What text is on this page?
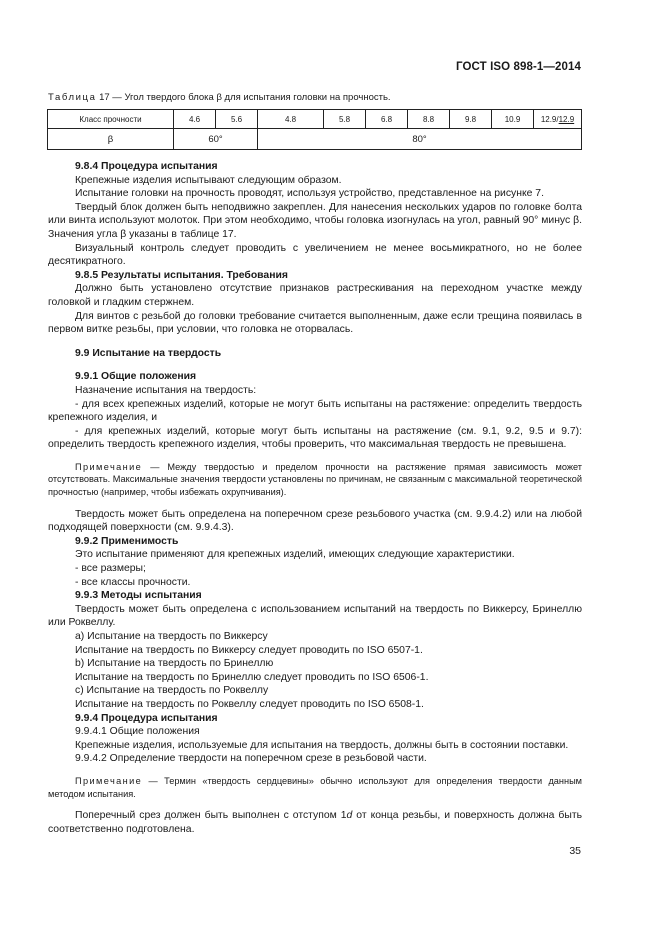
ГОСТ ISO 898-1—2014
Таблица 17 — Угол твердого блока β для испытания головки на прочность.
Класс прочности	4.6	5.6	4.8	5.8	6.8	8.8	9.8	10.9	12.9/12.9
β	60°		80°						

9.8.4 Процедура испытания

Крепежные изделия испытывают следующим образом.

Испытание головки на прочность проводят, используя устройство, представленное на рисунке 7.

Твердый блок должен быть неподвижно закреплен. Для нанесения нескольких ударов по головке болта или винта используют молоток. При этом необходимо, чтобы головка изогнулась на угол, равный 90° минус β. Значения угла β указаны в таблице 17.

Визуальный контроль следует проводить с увеличением не менее восьмикратного, но не более десятикратного.

9.8.5 Результаты испытания. Требования

Должно быть установлено отсутствие признаков растрескивания на переходном участке между головкой и гладким стержнем.

Для винтов с резьбой до головки требование считается выполненным, даже если трещина появилась в первом витке резьбы, при условии, что головка не оторвалась.

9.9 Испытание на твердость

9.9.1 Общие положения

Назначение испытания на твердость:

- для всех крепежных изделий, которые не могут быть испытаны на растяжение: определить твердость крепежного изделия, и

- для крепежных изделий, которые могут быть испытаны на растяжение (см. 9.1, 9.2, 9.5 и 9.7): определить твердость крепежного изделия, чтобы проверить, что максимальная твердость не превышена.

Примечание — Между твердостью и пределом прочности на растяжение прямая зависимость может отсутствовать. Максимальные значения твердости установлены по причинам, не связанным с максимальной теоретической прочностью (например, чтобы избежать охрупчивания).

Твердость может быть определена на поперечном срезе резьбового участка (см. 9.9.4.2) или на любой подходящей поверхности (см. 9.9.4.3).

9.9.2 Применимость

Это испытание применяют для крепежных изделий, имеющих следующие характеристики.

- все размеры;

- все классы прочности.

9.9.3 Методы испытания

Твердость может быть определена с использованием испытаний на твердость по Виккерсу, Бринеллю или Роквеллу.

а) Испытание на твердость по Виккерсу

Испытание на твердость по Виккерсу следует проводить по ISO 6507-1.

b) Испытание на твердость по Бринеллю

Испытание на твердость по Бринеллю следует проводить по ISO 6506-1.

c) Испытание на твердость по Роквеллу

Испытание на твердость по Роквеллу следует проводить по ISO 6508-1.

9.9.4 Процедура испытания

9.9.4.1 Общие положения

Крепежные изделия, используемые для испытания на твердость, должны быть в состоянии поставки.

9.9.4.2 Определение твердости на поперечном срезе в резьбовой части.

Примечание — Термин «твердость сердцевины» обычно используют для определения твердости данным методом испытания.

Поперечный срез должен быть выполнен с отступом 1d от конца резьбы, и поверхность должна быть соответственно подготовлена.

35
